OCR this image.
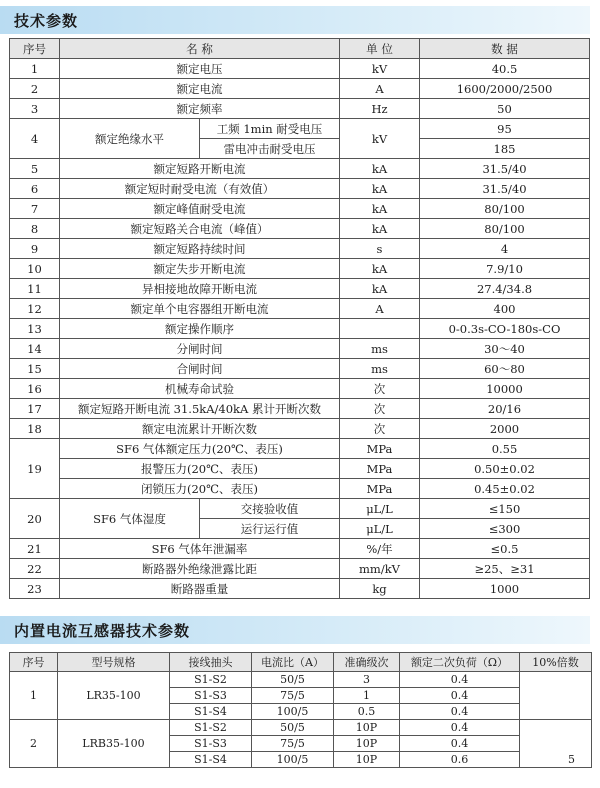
技术参数
序号	名 称		单 位	数 据
1	额定电压		kV	40.5
2	额定电流		A	1600/2000/2500
3	额定频率		Hz	50
4	额定绝缘水平	工频 1min 耐受电压	kV	95
		雷电冲击耐受电压		185
5	额定短路开断电流		kA	31.5/40
6	额定短时耐受电流（有效值）		kA	31.5/40
7	额定峰值耐受电流		kA	80/100
8	额定短路关合电流（峰值）		kA	80/100
9	额定短路持续时间		s	4
10	额定失步开断电流		kA	7.9/10
11	异相接地故障开断电流		kA	27.4/34.8
12	额定单个电容器组开断电流		A	400
13	额定操作顺序			0-0.3s-CO-180s-CO
14	分闸时间		ms	30～40
15	合闸时间		ms	60～80
16	机械寿命试验		次	10000
17	额定短路开断电流 31.5kA/40kA 累计开断次数		次	20/16
18	额定电流累计开断次数		次	2000
19	SF6 气体额定压力(20℃、表压)		MPa	0.55
	报警压力(20℃、表压)		MPa	0.50±0.02
	闭锁压力(20℃、表压)		MPa	0.45±0.02
20	SF6 气体湿度	交接验收值	μL/L	≤150
		运行运行值	μL/L	≤300
21	SF6 气体年泄漏率		%/年	≤0.5
22	断路器外绝缘泄露比距		mm/kV	≥25、≥31
23	断路器重量		kg	1000
内置电流互感器技术参数
序号	型号规格	接线抽头	电流比（A）	准确级次	额定二次负荷（Ω）	10%倍数
1	LR35-100	S1-S2	50/5	3	0.4	
		S1-S3	75/5	1	0.4	
		S1-S4	100/5	0.5	0.4	
2	LRB35-100	S1-S2	50/5	10P	0.4	5
		S1-S3	75/5	10P	0.4	
		S1-S4	100/5	10P	0.6	
